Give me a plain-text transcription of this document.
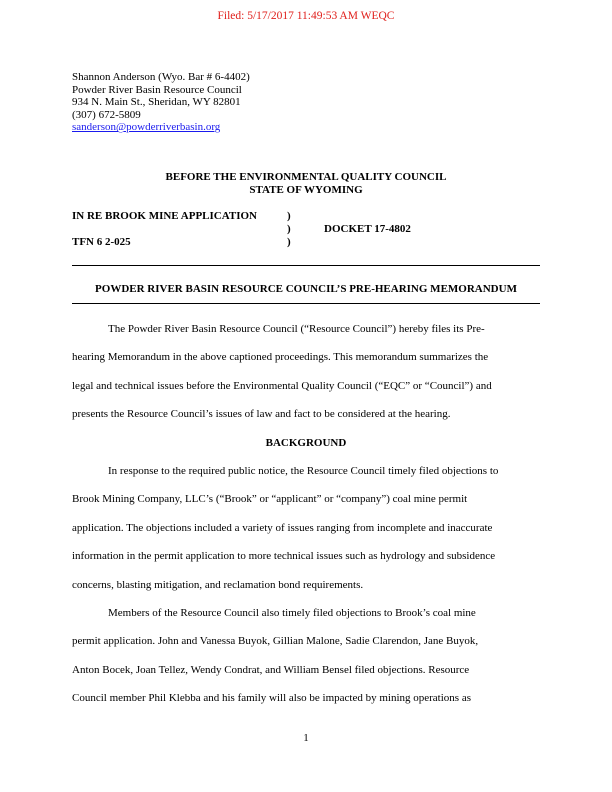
Filed: 5/17/2017 11:49:53 AM WEQC
Shannon Anderson (Wyo. Bar # 6-4402)
Powder River Basin Resource Council
934 N. Main St., Sheridan, WY 82801
(307) 672-5809
sanderson@powderriverbasin.org
BEFORE THE ENVIRONMENTAL QUALITY COUNCIL
STATE OF WYOMING
IN RE BROOK MINE APPLICATION
TFN 6 2-025
)
)
)
DOCKET 17-4802
POWDER RIVER BASIN RESOURCE COUNCIL’S PRE-HEARING MEMORANDUM

The Powder River Basin Resource Council (“Resource Council”) hereby files its Pre-
hearing Memorandum in the above captioned proceedings. This memorandum summarizes the
legal and technical issues before the Environmental Quality Council (“EQC” or “Council”) and
presents the Resource Council’s issues of law and fact to be considered at the hearing.

BACKGROUND

In response to the required public notice, the Resource Council timely filed objections to
Brook Mining Company, LLC’s (“Brook” or “applicant” or “company”) coal mine permit
application. The objections included a variety of issues ranging from incomplete and inaccurate
information in the permit application to more technical issues such as hydrology and subsidence
concerns, blasting mitigation, and reclamation bond requirements.

Members of the Resource Council also timely filed objections to Brook’s coal mine
permit application. John and Vanessa Buyok, Gillian Malone, Sadie Clarendon, Jane Buyok,
Anton Bocek, Joan Tellez, Wendy Condrat, and William Bensel filed objections. Resource
Council member Phil Klebba and his family will also be impacted by mining operations as

1
